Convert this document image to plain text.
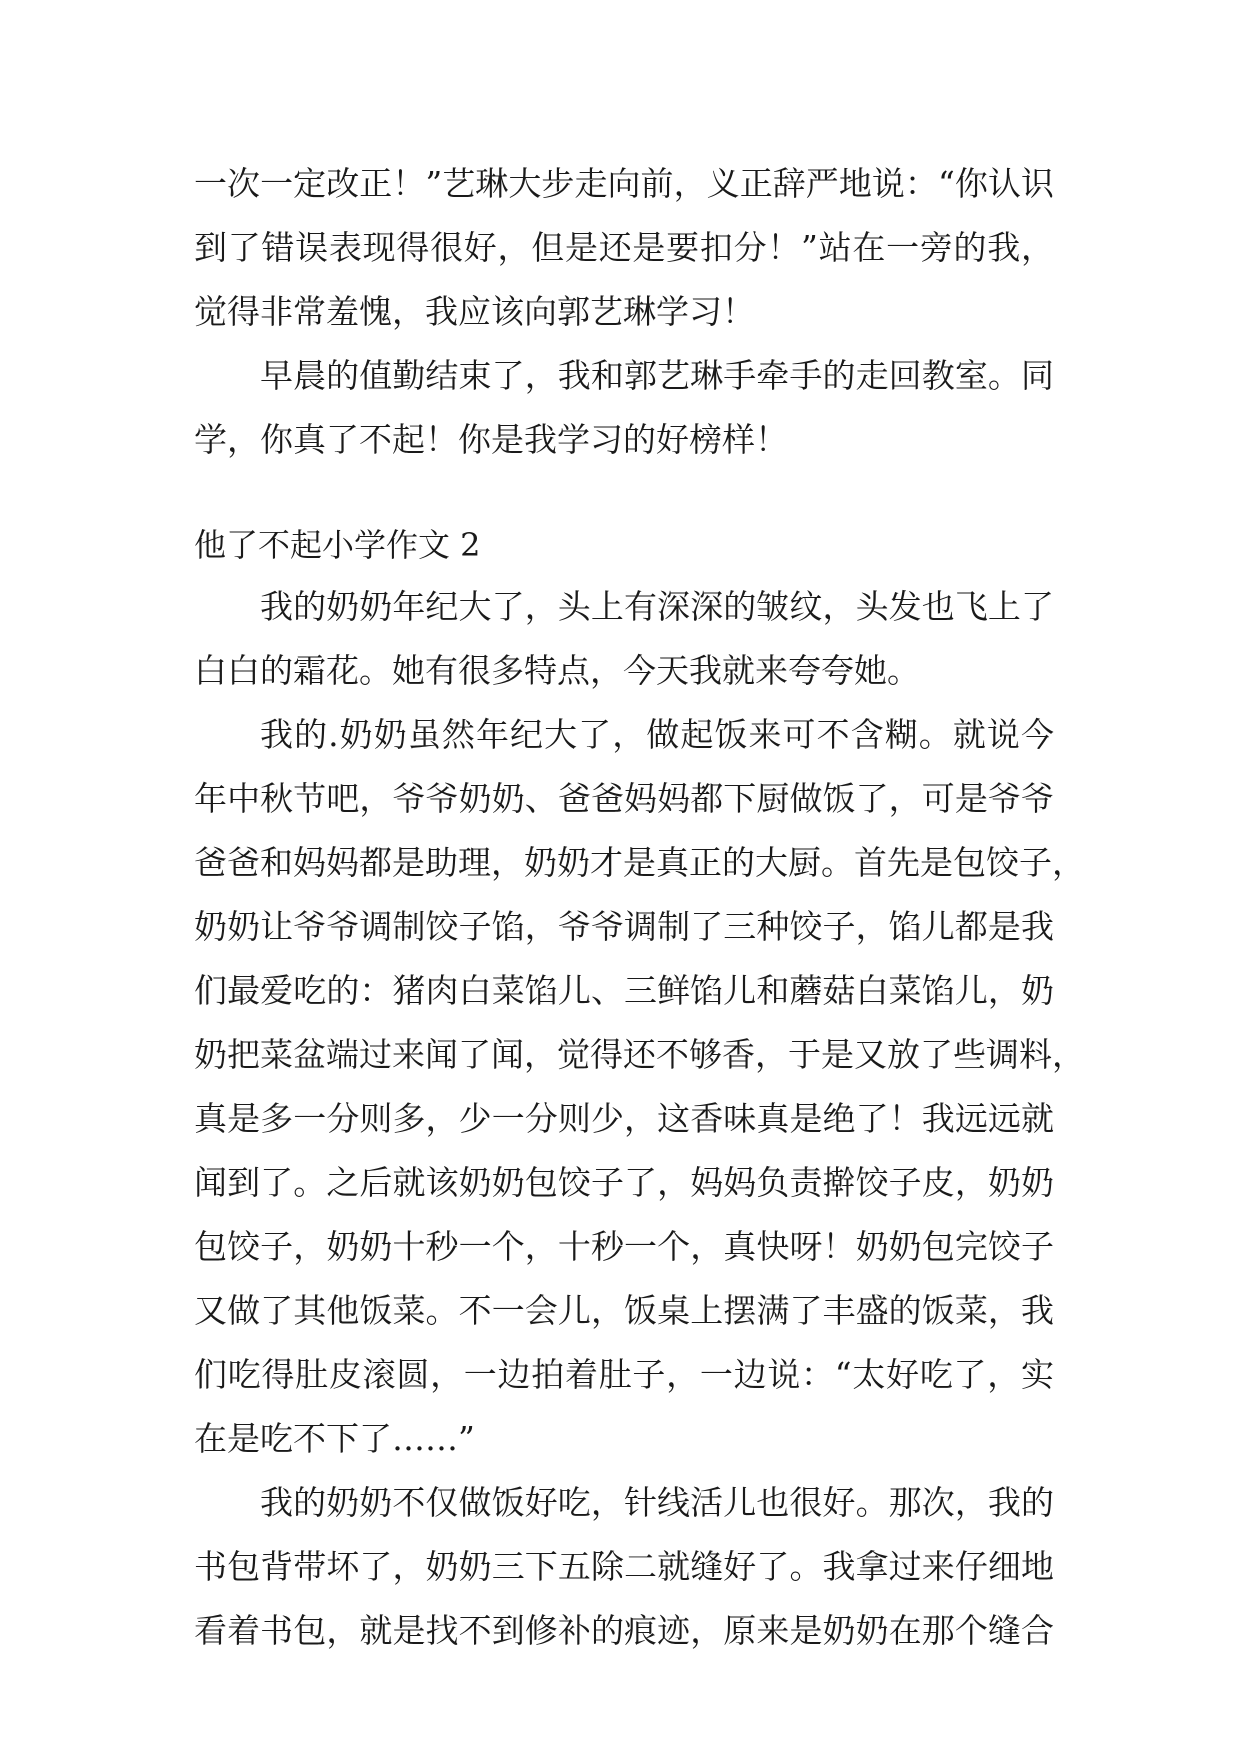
一次一定改正！”艺琳大步走向前，义正辞严地说：“你认识
到了错误表现得很好，但是还是要扣分！”站在一旁的我，
觉得非常羞愧，我应该向郭艺琳学习！
早晨的值勤结束了，我和郭艺琳手牵手的走回教室。同
学，你真了不起！你是我学习的好榜样！
他了不起小学作文 2
我的奶奶年纪大了，头上有深深的皱纹，头发也飞上了
白白的霜花。她有很多特点，今天我就来夸夸她。
我的.奶奶虽然年纪大了，做起饭来可不含糊。就说今
年中秋节吧，爷爷奶奶、爸爸妈妈都下厨做饭了，可是爷爷
爸爸和妈妈都是助理，奶奶才是真正的大厨。首先是包饺子，
奶奶让爷爷调制饺子馅，爷爷调制了三种饺子，馅儿都是我
们最爱吃的：猪肉白菜馅儿、三鲜馅儿和蘑菇白菜馅儿，奶
奶把菜盆端过来闻了闻，觉得还不够香，于是又放了些调料，
真是多一分则多，少一分则少，这香味真是绝了！我远远就
闻到了。之后就该奶奶包饺子了，妈妈负责擀饺子皮，奶奶
包饺子，奶奶十秒一个，十秒一个，真快呀！奶奶包完饺子
又做了其他饭菜。不一会儿，饭桌上摆满了丰盛的饭菜，我
们吃得肚皮滚圆，一边拍着肚子，一边说：“太好吃了，实
在是吃不下了……”
我的奶奶不仅做饭好吃，针线活儿也很好。那次，我的
书包背带坏了，奶奶三下五除二就缝好了。我拿过来仔细地
看着书包，就是找不到修补的痕迹，原来是奶奶在那个缝合
